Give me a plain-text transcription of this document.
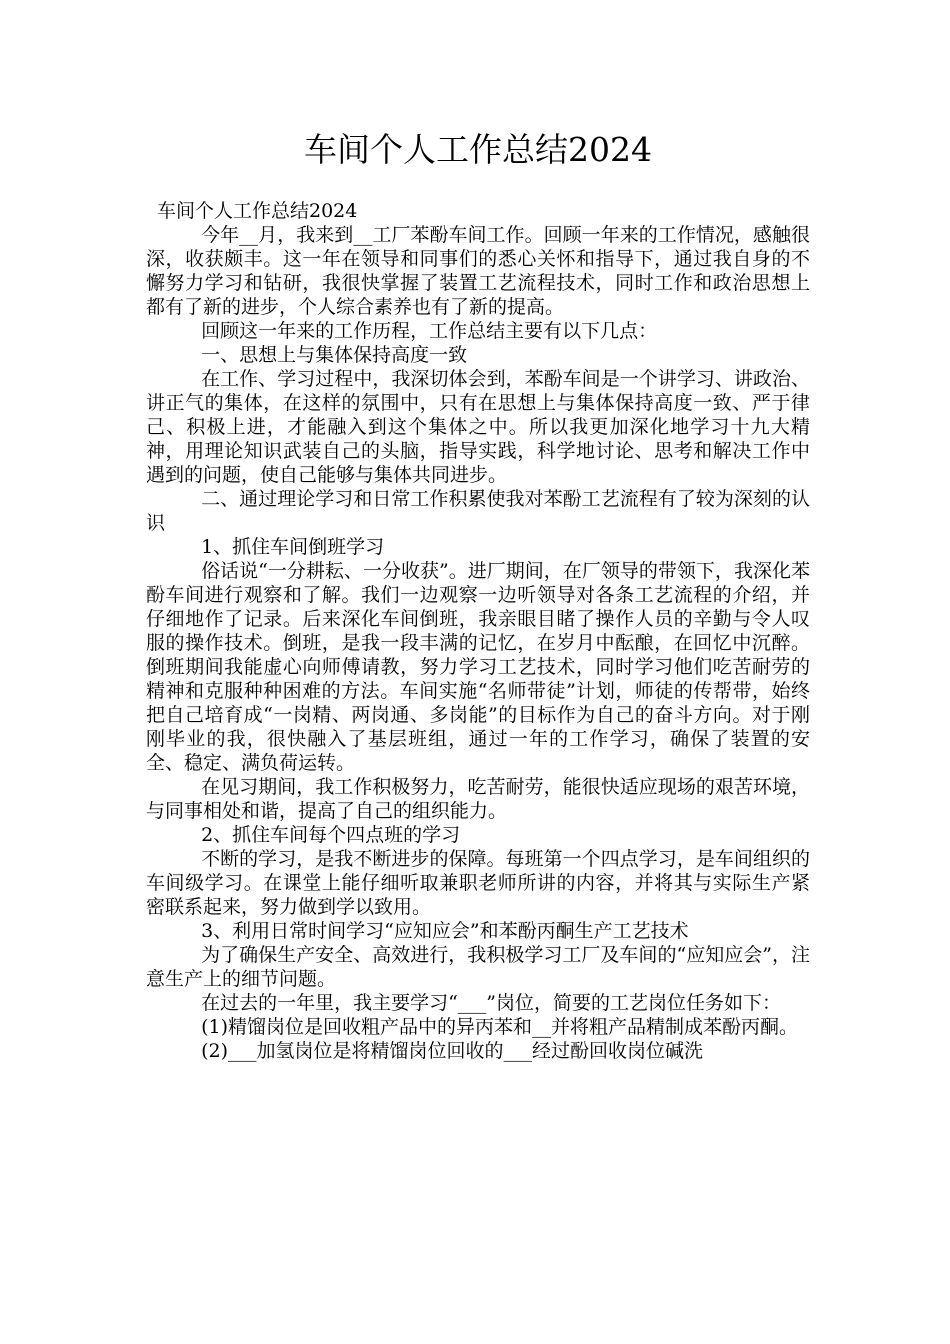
车间个人工作总结2024

车间个人工作总结2024

今年__月，我来到__工厂苯酚车间工作。回顾一年来的工作情况，感触很深，收获颇丰。这一年在领导和同事们的悉心关怀和指导下，通过我自身的不懈努力学习和钻研，我很快掌握了装置工艺流程技术，同时工作和政治思想上都有了新的进步，个人综合素养也有了新的提高。

回顾这一年来的工作历程，工作总结主要有以下几点：

一、思想上与集体保持高度一致

在工作、学习过程中，我深切体会到，苯酚车间是一个讲学习、讲政治、讲正气的集体，在这样的氛围中，只有在思想上与集体保持高度一致、严于律己、积极上进，才能融入到这个集体之中。所以我更加深化地学习十九大精神，用理论知识武装自己的头脑，指导实践，科学地讨论、思考和解决工作中遇到的问题，使自己能够与集体共同进步。

二、通过理论学习和日常工作积累使我对苯酚工艺流程有了较为深刻的认识

1、抓住车间倒班学习

俗话说“一分耕耘、一分收获”。进厂期间，在厂领导的带领下，我深化苯酚车间进行观察和了解。我们一边观察一边听领导对各条工艺流程的介绍，并仔细地作了记录。后来深化车间倒班，我亲眼目睹了操作人员的辛勤与令人叹服的操作技术。倒班，是我一段丰满的记忆，在岁月中酝酿，在回忆中沉醉。倒班期间我能虚心向师傅请教，努力学习工艺技术，同时学习他们吃苦耐劳的精神和克服种种困难的方法。车间实施“名师带徒”计划，师徒的传帮带，始终把自己培育成“一岗精、两岗通、多岗能”的目标作为自己的奋斗方向。对于刚刚毕业的我，很快融入了基层班组，通过一年的工作学习，确保了装置的安全、稳定、满负荷运转。

在见习期间，我工作积极努力，吃苦耐劳，能很快适应现场的艰苦环境，与同事相处和谐，提高了自己的组织能力。

2、抓住车间每个四点班的学习

不断的学习，是我不断进步的保障。每班第一个四点学习，是车间组织的车间级学习。在课堂上能仔细听取兼职老师所讲的内容，并将其与实际生产紧密联系起来，努力做到学以致用。

3、利用日常时间学习“应知应会”和苯酚丙酮生产工艺技术

为了确保生产安全、高效进行，我积极学习工厂及车间的“应知应会”，注意生产上的细节问题。

在过去的一年里，我主要学习“___”岗位，简要的工艺岗位任务如下：

(1)精馏岗位是回收粗产品中的异丙苯和__并将粗产品精制成苯酚丙酮。

(2)___加氢岗位是将精馏岗位回收的___经过酚回收岗位碱洗
